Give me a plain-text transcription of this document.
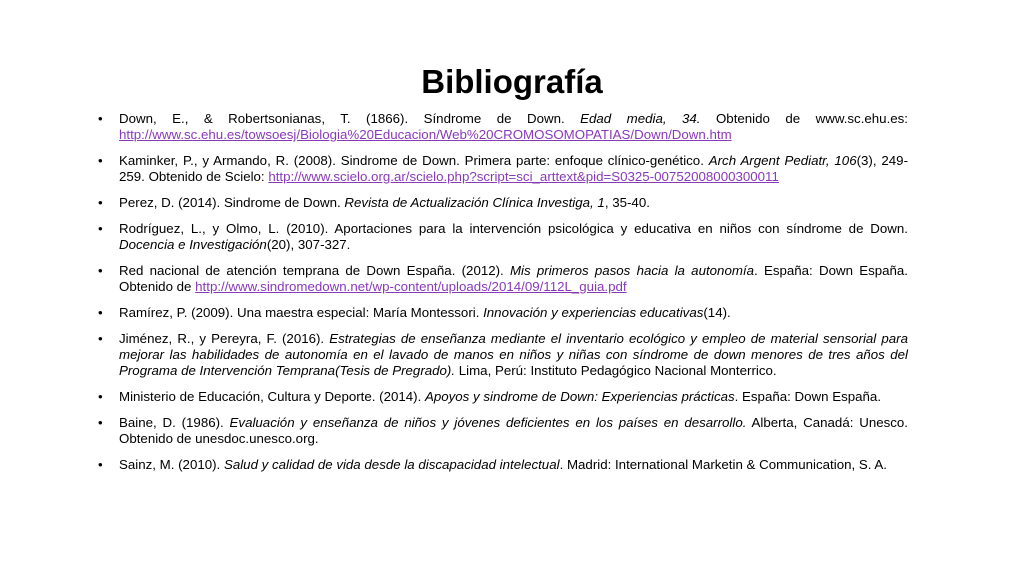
Bibliografía
• Down, E., & Robertsonianas, T. (1866). Síndrome de Down. Edad media, 34. Obtenido de www.sc.ehu.es: http://www.sc.ehu.es/towsoesj/Biologia%20Educacion/Web%20CROMOSOMOPATIAS/Down/Down.htm
• Kaminker, P., y Armando, R. (2008). Sindrome de Down. Primera parte: enfoque clínico-genético. Arch Argent Pediatr, 106(3), 249-259. Obtenido de Scielo: http://www.scielo.org.ar/scielo.php?script=sci_arttext&pid=S0325-00752008000300011
• Perez, D. (2014). Sindrome de Down. Revista de Actualización Clínica Investiga, 1, 35-40.
• Rodríguez, L., y Olmo, L. (2010). Aportaciones para la intervención psicológica y educativa en niños con síndrome de Down. Docencia e Investigación(20), 307-327.
• Red nacional de atención temprana de Down España. (2012). Mis primeros pasos hacia la autonomía. España: Down España. Obtenido de http://www.sindromedown.net/wp-content/uploads/2014/09/112L_guia.pdf
• Ramírez, P. (2009). Una maestra especial: María Montessori. Innovación y experiencias educativas(14).
• Jiménez, R., y Pereyra, F. (2016). Estrategias de enseñanza mediante el inventario ecológico y empleo de material sensorial para mejorar las habilidades de autonomía en el lavado de manos en niños y niñas con síndrome de down menores de tres años del Programa de Intervención Temprana(Tesis de Pregrado). Lima, Perú: Instituto Pedagógico Nacional Monterrico.
• Ministerio de Educación, Cultura y Deporte. (2014). Apoyos y sindrome de Down: Experiencias prácticas. España: Down España.
• Baine, D. (1986). Evaluación y enseñanza de niños y jóvenes deficientes en los países en desarrollo. Alberta, Canadá: Unesco. Obtenido de unesdoc.unesco.org.
• Sainz, M. (2010). Salud y calidad de vida desde la discapacidad intelectual. Madrid: International Marketin & Communication, S. A.
